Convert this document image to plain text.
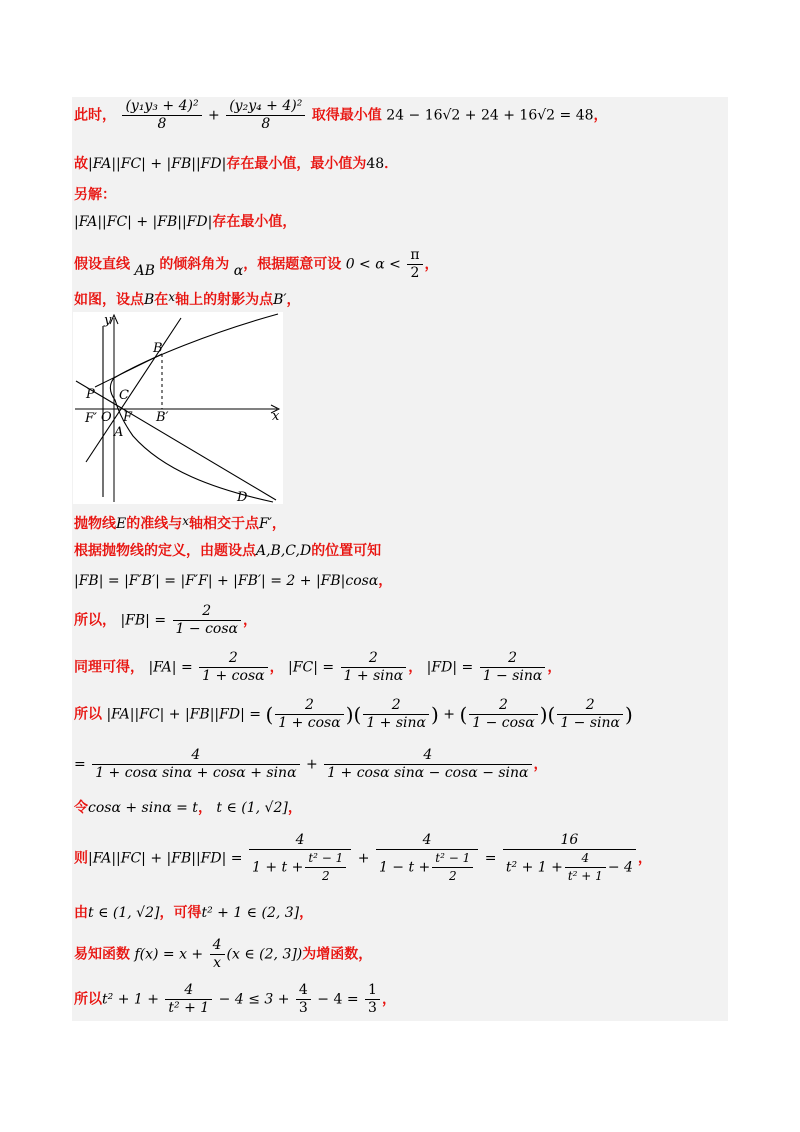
此时， $\frac{\text{(y₁y₃ + 4)²}}{8} + \frac{\text{(y₂y₄ + 4)²}}{8}$ 取得最小值 24 − 16√2 + 24 + 16√2 = 48，
故|FA||FC| + |FB||FD|存在最小值，最小值为48．
另解：
|FA||FC| + |FB||FD|存在最小值，
假设直线 AB 的倾斜角为 α，根据题意可设 $0 < \alpha < \frac{\pi}{2}$ ，
如图，设点B在x轴上的射影为点B′，
y
x
B
P C
F′ O F B′
A
D
抛物线E的准线与x轴相交于点F′，
根据抛物线的定义，由题设点A,B,C,D的位置可知
|FB| = |F′B′| = |F′F| + |FB′| = 2 + |FB|cosα，
所以， $|FB| = \frac{2}{1 - \cos\alpha}$ ，
同理可得， $|FA| = \frac{2}{1 + \cos\alpha}$ ， $|FC| = \frac{2}{1 + \sin\alpha}$ ， $|FD| = \frac{2}{1 - \sin\alpha}$ ，
所以 |FA||FC| + |FB||FD| = ( $\frac{2}{1 + \cos\alpha}$ )( $\frac{2}{1 + \sin\alpha}$ ) + ( $\frac{2}{1 - \cos\alpha}$ )( $\frac{2}{1 - \sin\alpha}$ )
= $\frac{4}{\text{1 + cosα sinα + cosα + sinα}} + \frac{4}{\text{1 + cosα sinα − cosα − sinα}}$ ，
令cosα + sinα = t， t ∈ (1, √2]，
则$|FA||FC| + |FB||FD| = \frac{4}{1 + t + \frac{\text{t² − 1}}{2}} + \frac{4}{1 - t + \frac{\text{t² − 1}}{2}} = \frac{16}{t^2 + 1 + \frac{4}{\text{t² + 1}} - 4}$ ，
由t ∈ (1, √2]，可得t² + 1 ∈ (2, 3]，
易知函数 $f(x) = x + \frac{4}{x} (x$ ∈ (2, 3])为增函数，
所以$t^2 + 1 + \frac{4}{\text{t² + 1}} - 4 \le 3 + \frac{4}{3} - 4 = \frac{1}{3}$ ，
